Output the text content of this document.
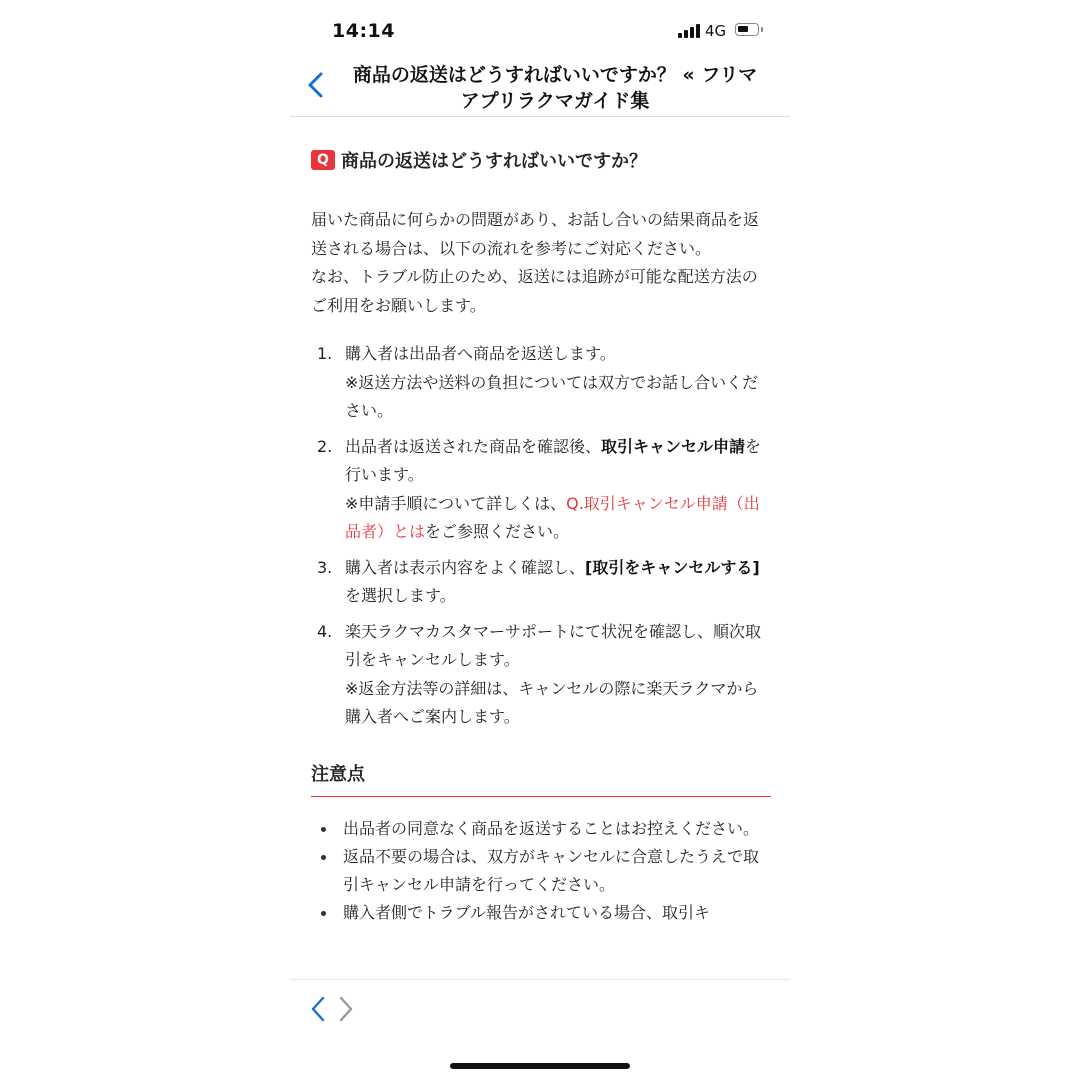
14:14	4G
商品の返送はどうすればいいですか？ « フリマアプリラクマガイド集
Q 商品の返送はどうすればいいですか？
届いた商品に何らかの問題があり、お話し合いの結果商品を返送される場合は、以下の流れを参考にご対応ください。
なお、トラブル防止のため、返送には追跡が可能な配送方法のご利用をお願いします。
1. 購入者は出品者へ商品を返送します。
※返送方法や送料の負担については双方でお話し合いください。
2. 出品者は返送された商品を確認後、取引キャンセル申請を行います。
※申請手順について詳しくは、Q.取引キャンセル申請（出品者）とはをご参照ください。
3. 購入者は表示内容をよく確認し、[取引をキャンセルする]を選択します。
4. 楽天ラクマカスタマーサポートにて状況を確認し、順次取引をキャンセルします。
※返金方法等の詳細は、キャンセルの際に楽天ラクマから購入者へご案内します。
注意点
出品者の同意なく商品を返送することはお控えください。
返品不要の場合は、双方がキャンセルに合意したうえで取引キャンセル申請を行ってください。
購入者側でトラブル報告がされている場合、取引キ
